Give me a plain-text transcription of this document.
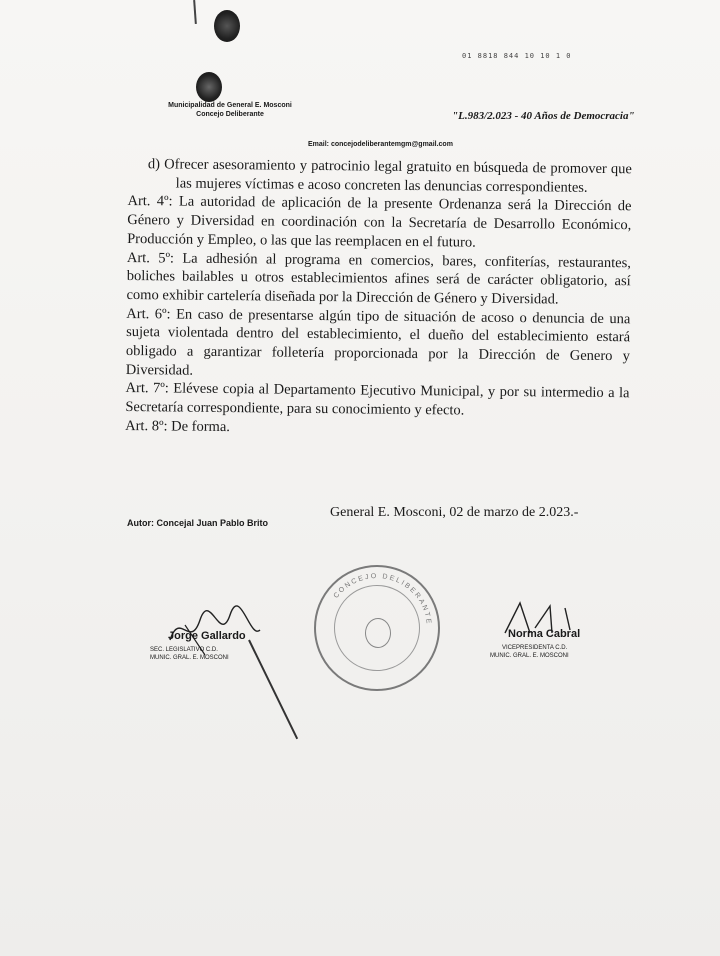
01 8818 844 10 10 1 0
Municipalidad de General E. Mosconi
Concejo Deliberante	"L.983/2.023 - 40 Años de Democracia"
Email: concejodeliberantemgm@gmail.com

d) Ofrecer asesoramiento y patrocinio legal gratuito en búsqueda de promover que las mujeres víctimas e acoso concreten las denuncias correspondientes.

Art. 4º: La autoridad de aplicación de la presente Ordenanza será la Dirección de Género y Diversidad en coordinación con la Secretaría de Desarrollo Económico, Producción y Empleo, o las que las reemplacen en el futuro.

Art. 5º: La adhesión al programa en comercios, bares, confiterías, restaurantes, boliches bailables u otros establecimientos afines será de carácter obligatorio, así como exhibir cartelería diseñada por la Dirección de Género y Diversidad.

Art. 6º: En caso de presentarse algún tipo de situación de acoso o denuncia de una sujeta violentada dentro del establecimiento, el dueño del establecimiento estará obligado a garantizar folletería proporcionada por la Dirección de Genero y Diversidad.

Art. 7º: Elévese copia al Departamento Ejecutivo Municipal, y por su intermedio a la Secretaría correspondiente, para su conocimiento y efecto.

Art. 8º: De forma.

General E. Mosconi, 02 de marzo de 2.023.-
Autor: Concejal Juan Pablo Brito
CONCEJO DELIBERANTE
Jorge Gallardo
SEC. LEGISLATIVO C.D.
MUNIC. GRAL. E. MOSCONI
Norma Cabral
VICEPRESIDENTA C.D.
MUNIC. GRAL. E. MOSCONI
